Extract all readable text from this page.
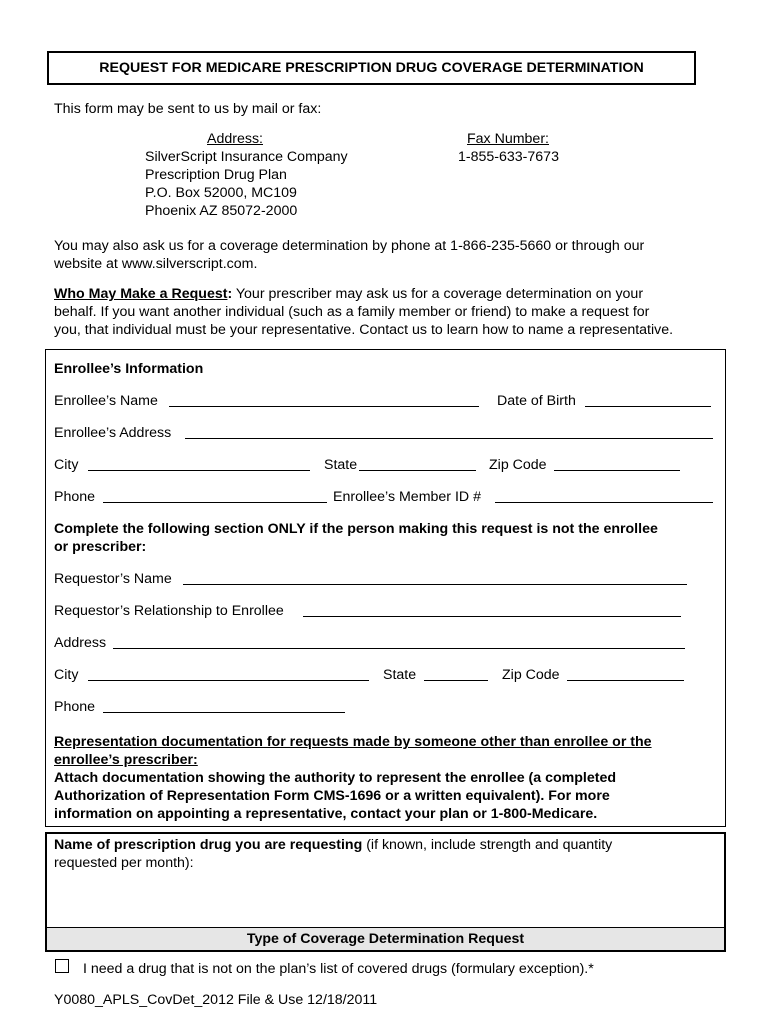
REQUEST FOR MEDICARE PRESCRIPTION DRUG COVERAGE DETERMINATION
This form may be sent to us by mail or fax:
Address:
SilverScript Insurance Company
Prescription Drug Plan
P.O. Box 52000, MC109
Phoenix AZ 85072-2000
Fax Number:
1-855-633-7673
You may also ask us for a coverage determination by phone at 1-866-235-5660 or through our
website at www.silverscript.com.
Who May Make a Request: Your prescriber may ask us for a coverage determination on your
behalf. If you want another individual (such as a family member or friend) to make a request for
you, that individual must be your representative. Contact us to learn how to name a representative.
Enrollee’s Information
Enrollee’s Name	Date of Birth
Enrollee’s Address
City	State	Zip Code
Phone	Enrollee’s Member ID #
Complete the following section ONLY if the person making this request is not the enrollee
or prescriber:
Requestor’s Name
Requestor’s Relationship to Enrollee
Address
City	State	Zip Code
Phone
Representation documentation for requests made by someone other than enrollee or the
enrollee’s prescriber:
Attach documentation showing the authority to represent the enrollee (a completed
Authorization of Representation Form CMS-1696 or a written equivalent). For more
information on appointing a representative, contact your plan or 1-800-Medicare.
Name of prescription drug you are requesting (if known, include strength and quantity
requested per month):
Type of Coverage Determination Request
I need a drug that is not on the plan’s list of covered drugs (formulary exception).*
Y0080_APLS_CovDet_2012 File & Use 12/18/2011
